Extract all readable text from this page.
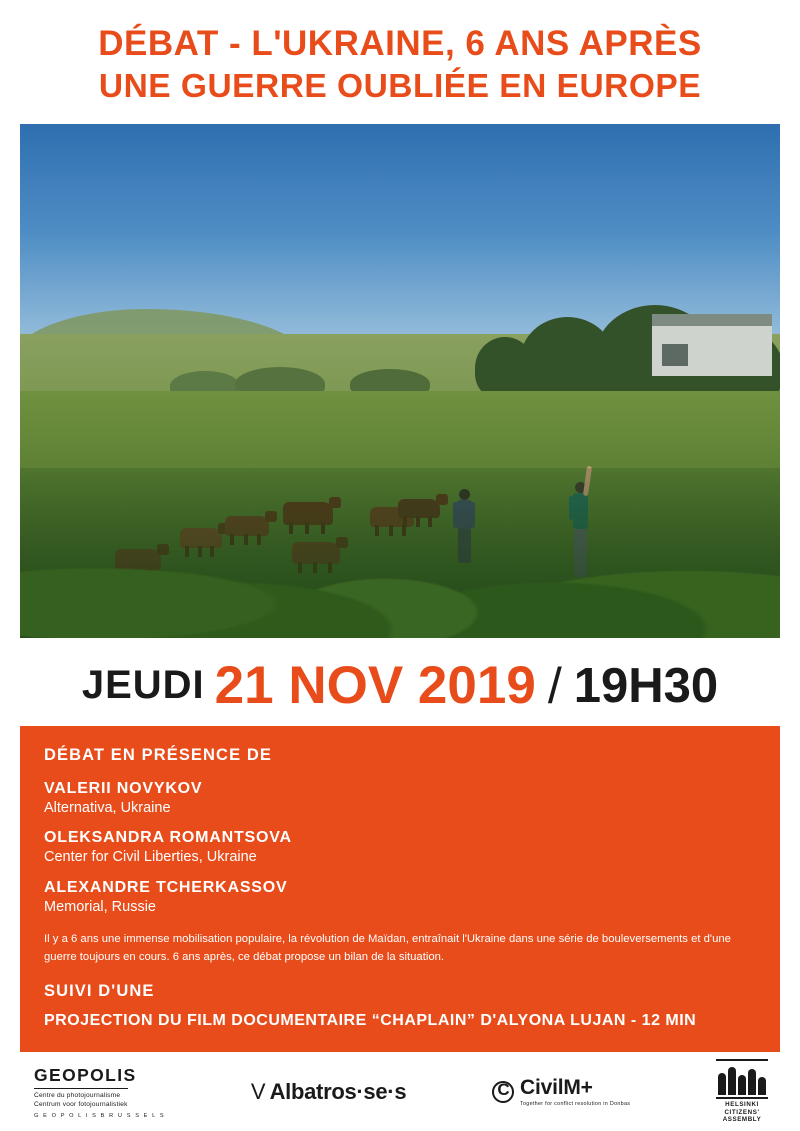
DÉBAT - L'UKRAINE, 6 ANS APRÈS
UNE GUERRE OUBLIÉE EN EUROPE
JEUDI 21 NOV 2019 / 19H30
DÉBAT EN PRÉSENCE DE
VALERII NOVYKOV
Alternativa, Ukraine
OLEKSANDRA ROMANTSOVA
Center for Civil Liberties, Ukraine
ALEXANDRE TCHERKASSOV
Memorial, Russie
Il y a 6 ans une immense mobilisation populaire, la révolution de Maïdan, entraînait l'Ukraine dans une série de bouleversements et d'une guerre toujours en cours. 6 ans après, ce débat propose un bilan de la situation.
SUIVI D'UNE
PROJECTION DU FILM DOCUMENTAIRE “CHAPLAIN” D'ALYONA LUJAN - 12 MIN
GEOPOLIS
Centre du photojournalisme
Centrum voor fotojournalistiek
G E O P O L I S B R U S S E L S
V Albatros·se·s C	CivilM+
Together for conflict resolution in Donbas	HELSINKI
CITIZENS'
ASSEMBLY
